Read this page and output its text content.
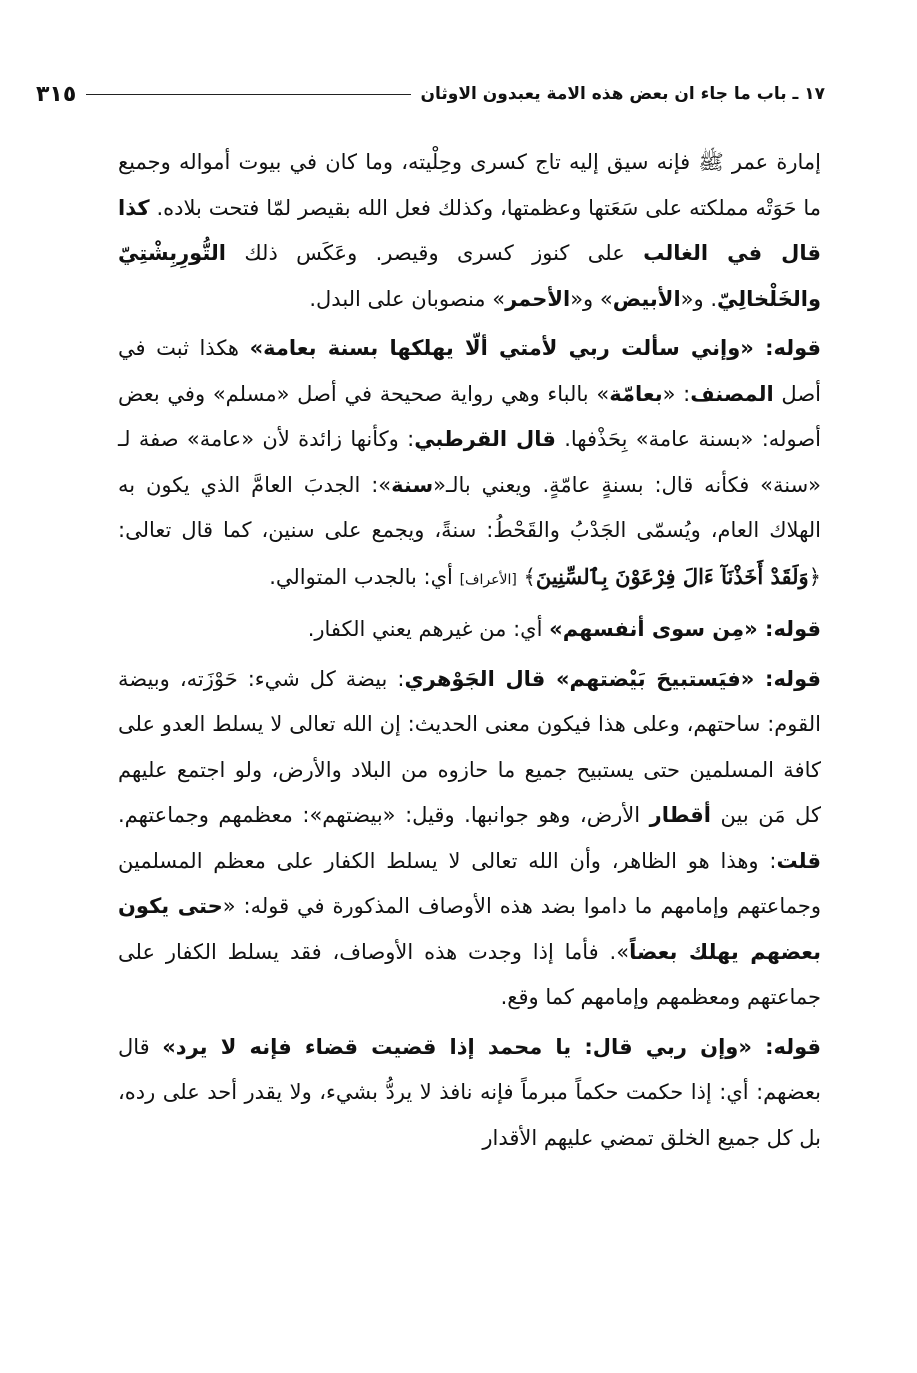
١٧ ـ باب ما جاء ان بعض هذه الامة يعبدون الاوثان
٣١٥

إمارة عمر ﷺ فإنه سيق إليه تاج كسرى وحِلْيته، وما كان في بيوت أمواله وجميع ما حَوَتْه مملكته على سَعَتها وعظمتها، وكذلك فعل الله بقيصر لمّا فتحت بلاده. كذا قال في الغالب على كنوز كسرى وقيصر. وعَكَس ذلك التُّورِبِشْتِيّ والخَلْخالِيّ. و«الأبيض» و«الأحمر» منصوبان على البدل.

قوله: «وإني سألت ربي لأمتي ألّا يهلكها بسنة بعامة» هكذا ثبت في أصل المصنف: «بعامّة» بالباء وهي رواية صحيحة في أصل «مسلم» وفي بعض أصوله: «بسنة عامة» بِحَذْفها. قال القرطبي: وكأنها زائدة لأن «عامة» صفة لـ «سنة» فكأنه قال: بسنةٍ عامّةٍ. ويعني بالـ«سنة»: الجدبَ العامَّ الذي يكون به الهلاك العام، ويُسمّى الجَدْبُ والقَحْطُ: سنةً، ويجمع على سنين، كما قال تعالى: ﴿وَلَقَدْ أَخَذْنَآ ءَالَ فِرْعَوْنَ بِٱلسِّنِينَ﴾ [الأعراف] أي: بالجدب المتوالي.

قوله: «مِن سوى أنفسهم» أي: من غيرهم يعني الكفار.

قوله: «فيَستبيحَ بَيْضتهم» قال الجَوْهري: بيضة كل شيء: حَوْزَته، وبيضة القوم: ساحتهم، وعلى هذا فيكون معنى الحديث: إن الله تعالى لا يسلط العدو على كافة المسلمين حتى يستبيح جميع ما حازوه من البلاد والأرض، ولو اجتمع عليهم كل مَن بين أقطار الأرض، وهو جوانبها. وقيل: «بيضتهم»: معظمهم وجماعتهم. قلت: وهذا هو الظاهر، وأن الله تعالى لا يسلط الكفار على معظم المسلمين وجماعتهم وإمامهم ما داموا بضد هذه الأوصاف المذكورة في قوله: «حتى يكون بعضهم يهلك بعضاً». فأما إذا وجدت هذه الأوصاف، فقد يسلط الكفار على جماعتهم ومعظمهم وإمامهم كما وقع.

قوله: «وإن ربي قال: يا محمد إذا قضيت قضاء فإنه لا يرد» قال بعضهم: أي: إذا حكمت حكماً مبرماً فإنه نافذ لا يردُّ بشيء، ولا يقدر أحد على رده، بل كل جميع الخلق تمضي عليهم الأقدار
